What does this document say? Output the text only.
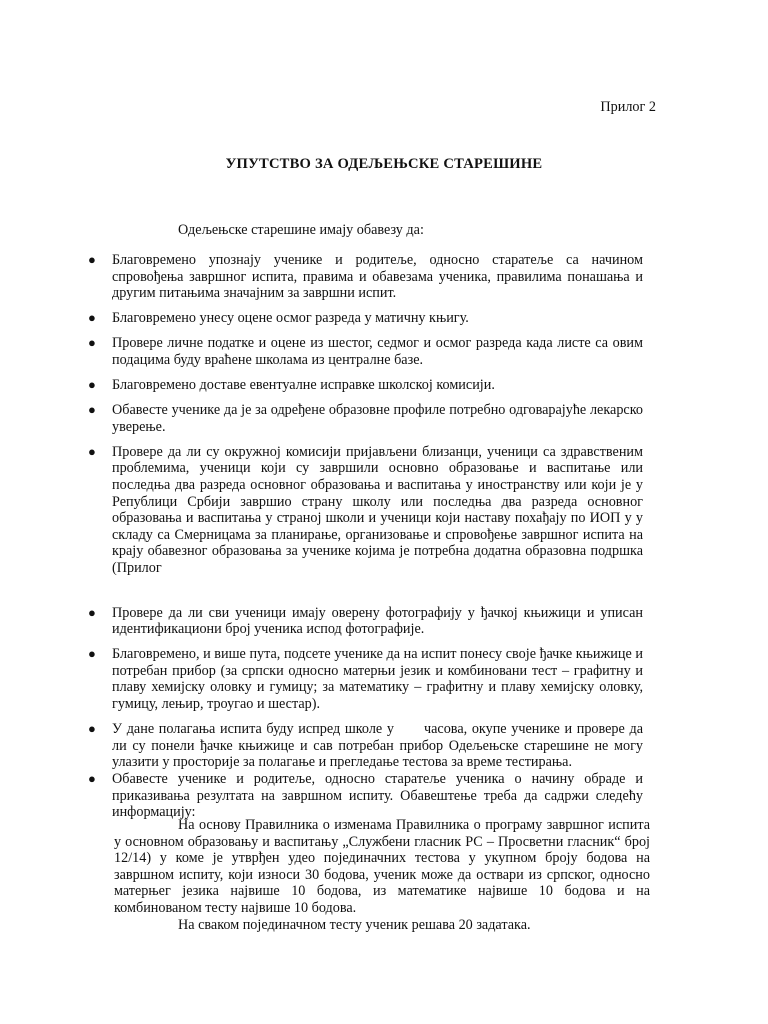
Прилог 2
УПУТСТВО ЗА ОДЕЉЕЊСКЕ СТАРЕШИНЕ
Одељењске старешине имају обавезу да:
● Благовремено упознају ученике и родитеље, односно старатеље са начином спровођења завршног испита, правима и обавезама ученика, правилима понашања и другим питањима значајним за завршни испит.
● Благовремено унесу оцене осмог разреда у матичну књигу.
● Провере личне податке и оцене из шестог, седмог и осмог разреда када листе са овим подацима буду враћене школама из централне базе.
● Благовремено доставе евентуалне исправке школској комисији.
● Обавесте ученике да је за одређене образовне профиле потребно одговарајуће лекарско уверење.
● Провере да ли су окружној комисији пријављени близанци, ученици са здравственим проблемима, ученици који су завршили основно образовање и васпитање или последња два разреда основног образовања и васпитања у иностранству или који је у Републици Србији завршио страну школу или последња два разреда основног образовања и васпитања у страној школи и ученици који наставу похађају по ИОП у у складу са Смерницама за планирање, организовање и спровођење завршног испита на крају обавезног образовања за ученике којима је потребна додатна образовна подршка (Прилог
● Провере да ли сви ученици имају оверену фотографију у ђачкој књижици и уписан идентификациони број ученика испод фотографије.
● Благовремено, и више пута, подсете ученике да на испит понесу своје ђачке књижице и потребан прибор (за српски односно матерњи језик и комбиновани тест – графитну и плаву хемијску оловку и гумицу; за математику – графитну и плаву хемијску оловку, гумицу, лењир, троугао и шестар).
● У дане полагања испита буду испред школе у часова, окупе ученике и провере да ли су понели ђачке књижице и сав потребан прибор Одељењске старешине не могу улазити у просторије за полагање и прегледање тестова за време тестирања.
● Обавесте ученике и родитеље, односно старатеље ученика о начину обраде и приказивања резултата на завршном испиту. Обавештење треба да садржи следећу информацију:

На основу Правилника о изменама Правилника о програму завршног испита у основном образовању и васпитању „Службени гласник РС – Просветни гласник“ број 12/14) у коме је утврђен удео појединачних тестова у укупном броју бодова на завршном испиту, који износи 30 бодова, ученик може да оствари из српског, односно матерњег језика највише 10 бодова, из математике највише 10 бодова и на комбинованом тесту највише 10 бодова.

На сваком појединачном тесту ученик решава 20 задатака.
